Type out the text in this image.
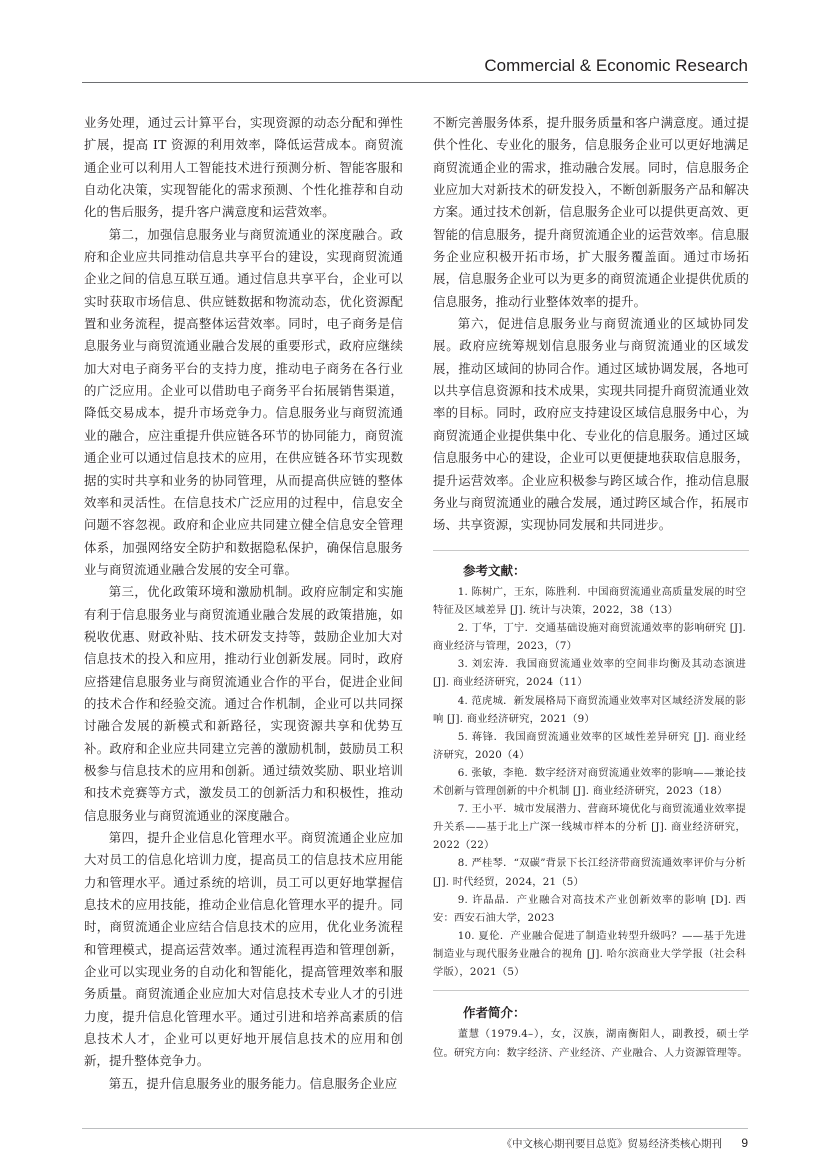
Commercial & Economic Research

业务处理，通过云计算平台，实现资源的动态分配和弹性扩展，提高 IT 资源的利用效率，降低运营成本。商贸流通企业可以利用人工智能技术进行预测分析、智能客服和自动化决策，实现智能化的需求预测、个性化推荐和自动化的售后服务，提升客户满意度和运营效率。

第二，加强信息服务业与商贸流通业的深度融合。政府和企业应共同推动信息共享平台的建设，实现商贸流通企业之间的信息互联互通。通过信息共享平台，企业可以实时获取市场信息、供应链数据和物流动态，优化资源配置和业务流程，提高整体运营效率。同时，电子商务是信息服务业与商贸流通业融合发展的重要形式，政府应继续加大对电子商务平台的支持力度，推动电子商务在各行业的广泛应用。企业可以借助电子商务平台拓展销售渠道，降低交易成本，提升市场竞争力。信息服务业与商贸流通业的融合，应注重提升供应链各环节的协同能力，商贸流通企业可以通过信息技术的应用，在供应链各环节实现数据的实时共享和业务的协同管理，从而提高供应链的整体效率和灵活性。在信息技术广泛应用的过程中，信息安全问题不容忽视。政府和企业应共同建立健全信息安全管理体系，加强网络安全防护和数据隐私保护，确保信息服务业与商贸流通业融合发展的安全可靠。

第三，优化政策环境和激励机制。政府应制定和实施有利于信息服务业与商贸流通业融合发展的政策措施，如税收优惠、财政补贴、技术研发支持等，鼓励企业加大对信息技术的投入和应用，推动行业创新发展。同时，政府应搭建信息服务业与商贸流通业合作的平台，促进企业间的技术合作和经验交流。通过合作机制，企业可以共同探讨融合发展的新模式和新路径，实现资源共享和优势互补。政府和企业应共同建立完善的激励机制，鼓励员工积极参与信息技术的应用和创新。通过绩效奖励、职业培训和技术竞赛等方式，激发员工的创新活力和积极性，推动信息服务业与商贸流通业的深度融合。

第四，提升企业信息化管理水平。商贸流通企业应加大对员工的信息化培训力度，提高员工的信息技术应用能力和管理水平。通过系统的培训，员工可以更好地掌握信息技术的应用技能，推动企业信息化管理水平的提升。同时，商贸流通企业应结合信息技术的应用，优化业务流程和管理模式，提高运营效率。通过流程再造和管理创新，企业可以实现业务的自动化和智能化，提高管理效率和服务质量。商贸流通企业应加大对信息技术专业人才的引进力度，提升信息化管理水平。通过引进和培养高素质的信息技术人才，企业可以更好地开展信息技术的应用和创新，提升整体竞争力。

第五，提升信息服务业的服务能力。信息服务企业应

不断完善服务体系，提升服务质量和客户满意度。通过提供个性化、专业化的服务，信息服务企业可以更好地满足商贸流通企业的需求，推动融合发展。同时，信息服务企业应加大对新技术的研发投入，不断创新服务产品和解决方案。通过技术创新，信息服务企业可以提供更高效、更智能的信息服务，提升商贸流通企业的运营效率。信息服务企业应积极开拓市场，扩大服务覆盖面。通过市场拓展，信息服务企业可以为更多的商贸流通企业提供优质的信息服务，推动行业整体效率的提升。

第六，促进信息服务业与商贸流通业的区域协同发展。政府应统筹规划信息服务业与商贸流通业的区域发展，推动区域间的协同合作。通过区域协调发展，各地可以共享信息资源和技术成果，实现共同提升商贸流通业效率的目标。同时，政府应支持建设区域信息服务中心，为商贸流通企业提供集中化、专业化的信息服务。通过区域信息服务中心的建设，企业可以更便捷地获取信息服务，提升运营效率。企业应积极参与跨区域合作，推动信息服务业与商贸流通业的融合发展，通过跨区域合作，拓展市场、共享资源，实现协同发展和共同进步。

参考文献：

1. 陈树广，王东，陈胜利．中国商贸流通业高质量发展的时空特征及区域差异 [J]. 统计与决策，2022，38（13）

2. 丁华，丁宁．交通基础设施对商贸流通效率的影响研究 [J]. 商业经济与管理，2023，（7）

3. 刘宏涛．我国商贸流通业效率的空间非均衡及其动态演进 [J]. 商业经济研究，2024（11）

4. 范虎城．新发展格局下商贸流通业效率对区域经济发展的影响 [J]. 商业经济研究，2021（9）

5. 蒋锋．我国商贸流通业效率的区域性差异研究 [J]. 商业经济研究，2020（4）

6. 张敏，李艳．数字经济对商贸流通业效率的影响——兼论技术创新与管理创新的中介机制 [J]. 商业经济研究，2023（18）

7. 王小平．城市发展潜力、营商环境优化与商贸流通业效率提升关系——基于北上广深一线城市样本的分析 [J]. 商业经济研究，2022（22）

8. 严桂琴．“双碳”背景下长江经济带商贸流通效率评价与分析 [J]. 时代经贸，2024，21（5）

9. 许晶晶．产业融合对高技术产业创新效率的影响 [D]. 西安：西安石油大学，2023

10. 夏伦．产业融合促进了制造业转型升级吗？——基于先进制造业与现代服务业融合的视角 [J]. 哈尔滨商业大学学报（社会科学版），2021（5）

作者简介：

董慧（1979.4–），女，汉族，湖南衡阳人，副教授，硕士学位。研究方向：数字经济、产业经济、产业融合、人力资源管理等。

《中文核心期刊要目总览》贸易经济类核心期刊 9
